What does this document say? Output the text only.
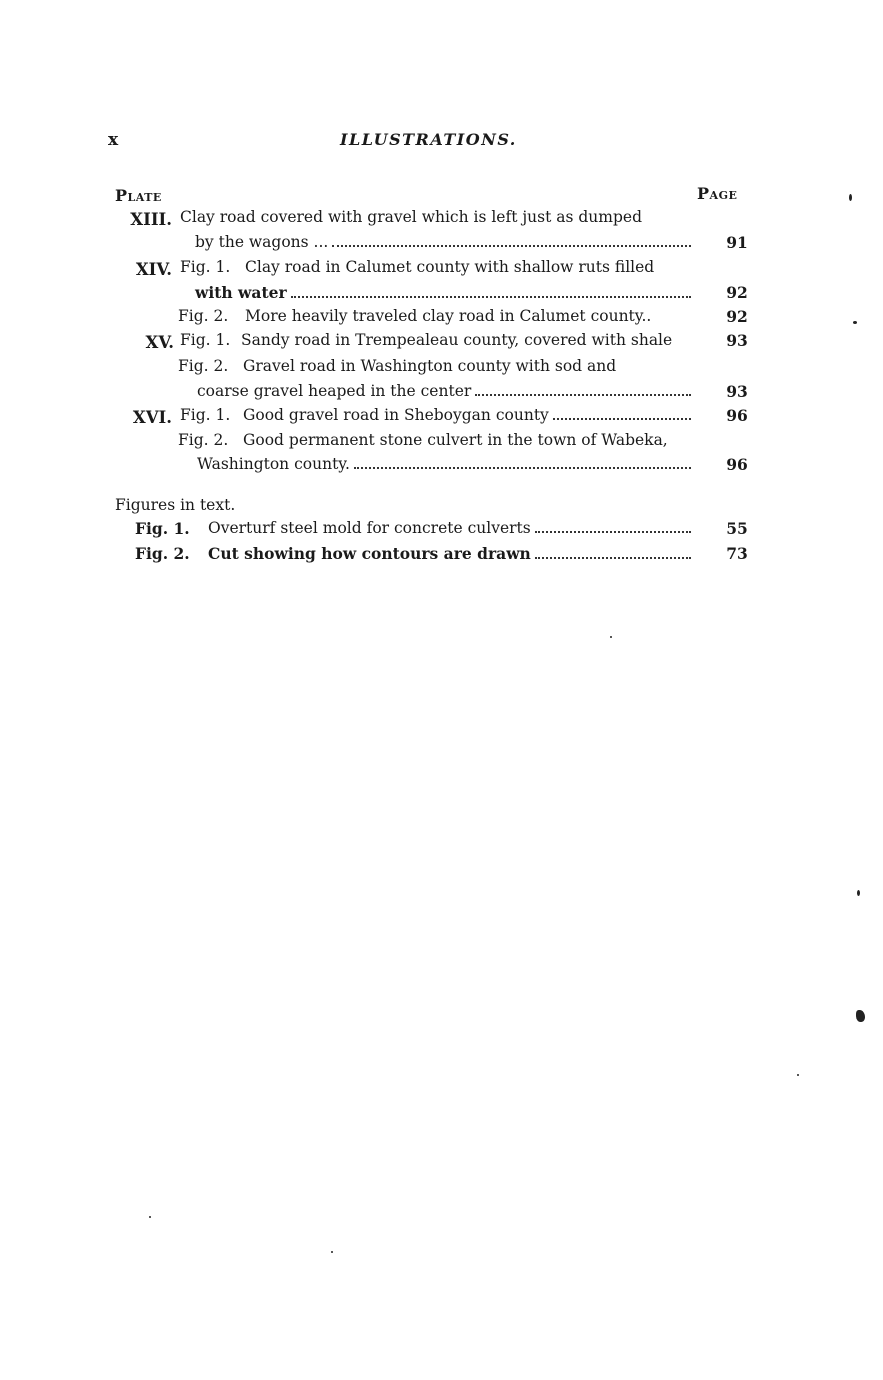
x	ILLUSTRATIONS.
Plate	Page
XIII. Clay road covered with gravel which is left just as dumped
by the wagons ...	91
XIV. Fig. 1. Clay road in Calumet county with shallow ruts filled
with water	92
Fig. 2. More heavily traveled clay road in Calumet county..	92
XV. Fig. 1. Sandy road in Trempealeau county, covered with shale	93
Fig. 2. Gravel road in Washington county with sod and
coarse gravel heaped in the center	93
XVI. Fig. 1. Good gravel road in Sheboygan county	96
Fig. 2. Good permanent stone culvert in the town of Wabeka,
Washington county.	96
Figures in text.
Fig. 1. Overturf steel mold for concrete culverts	55
Fig. 2. Cut showing how contours are drawn	73
